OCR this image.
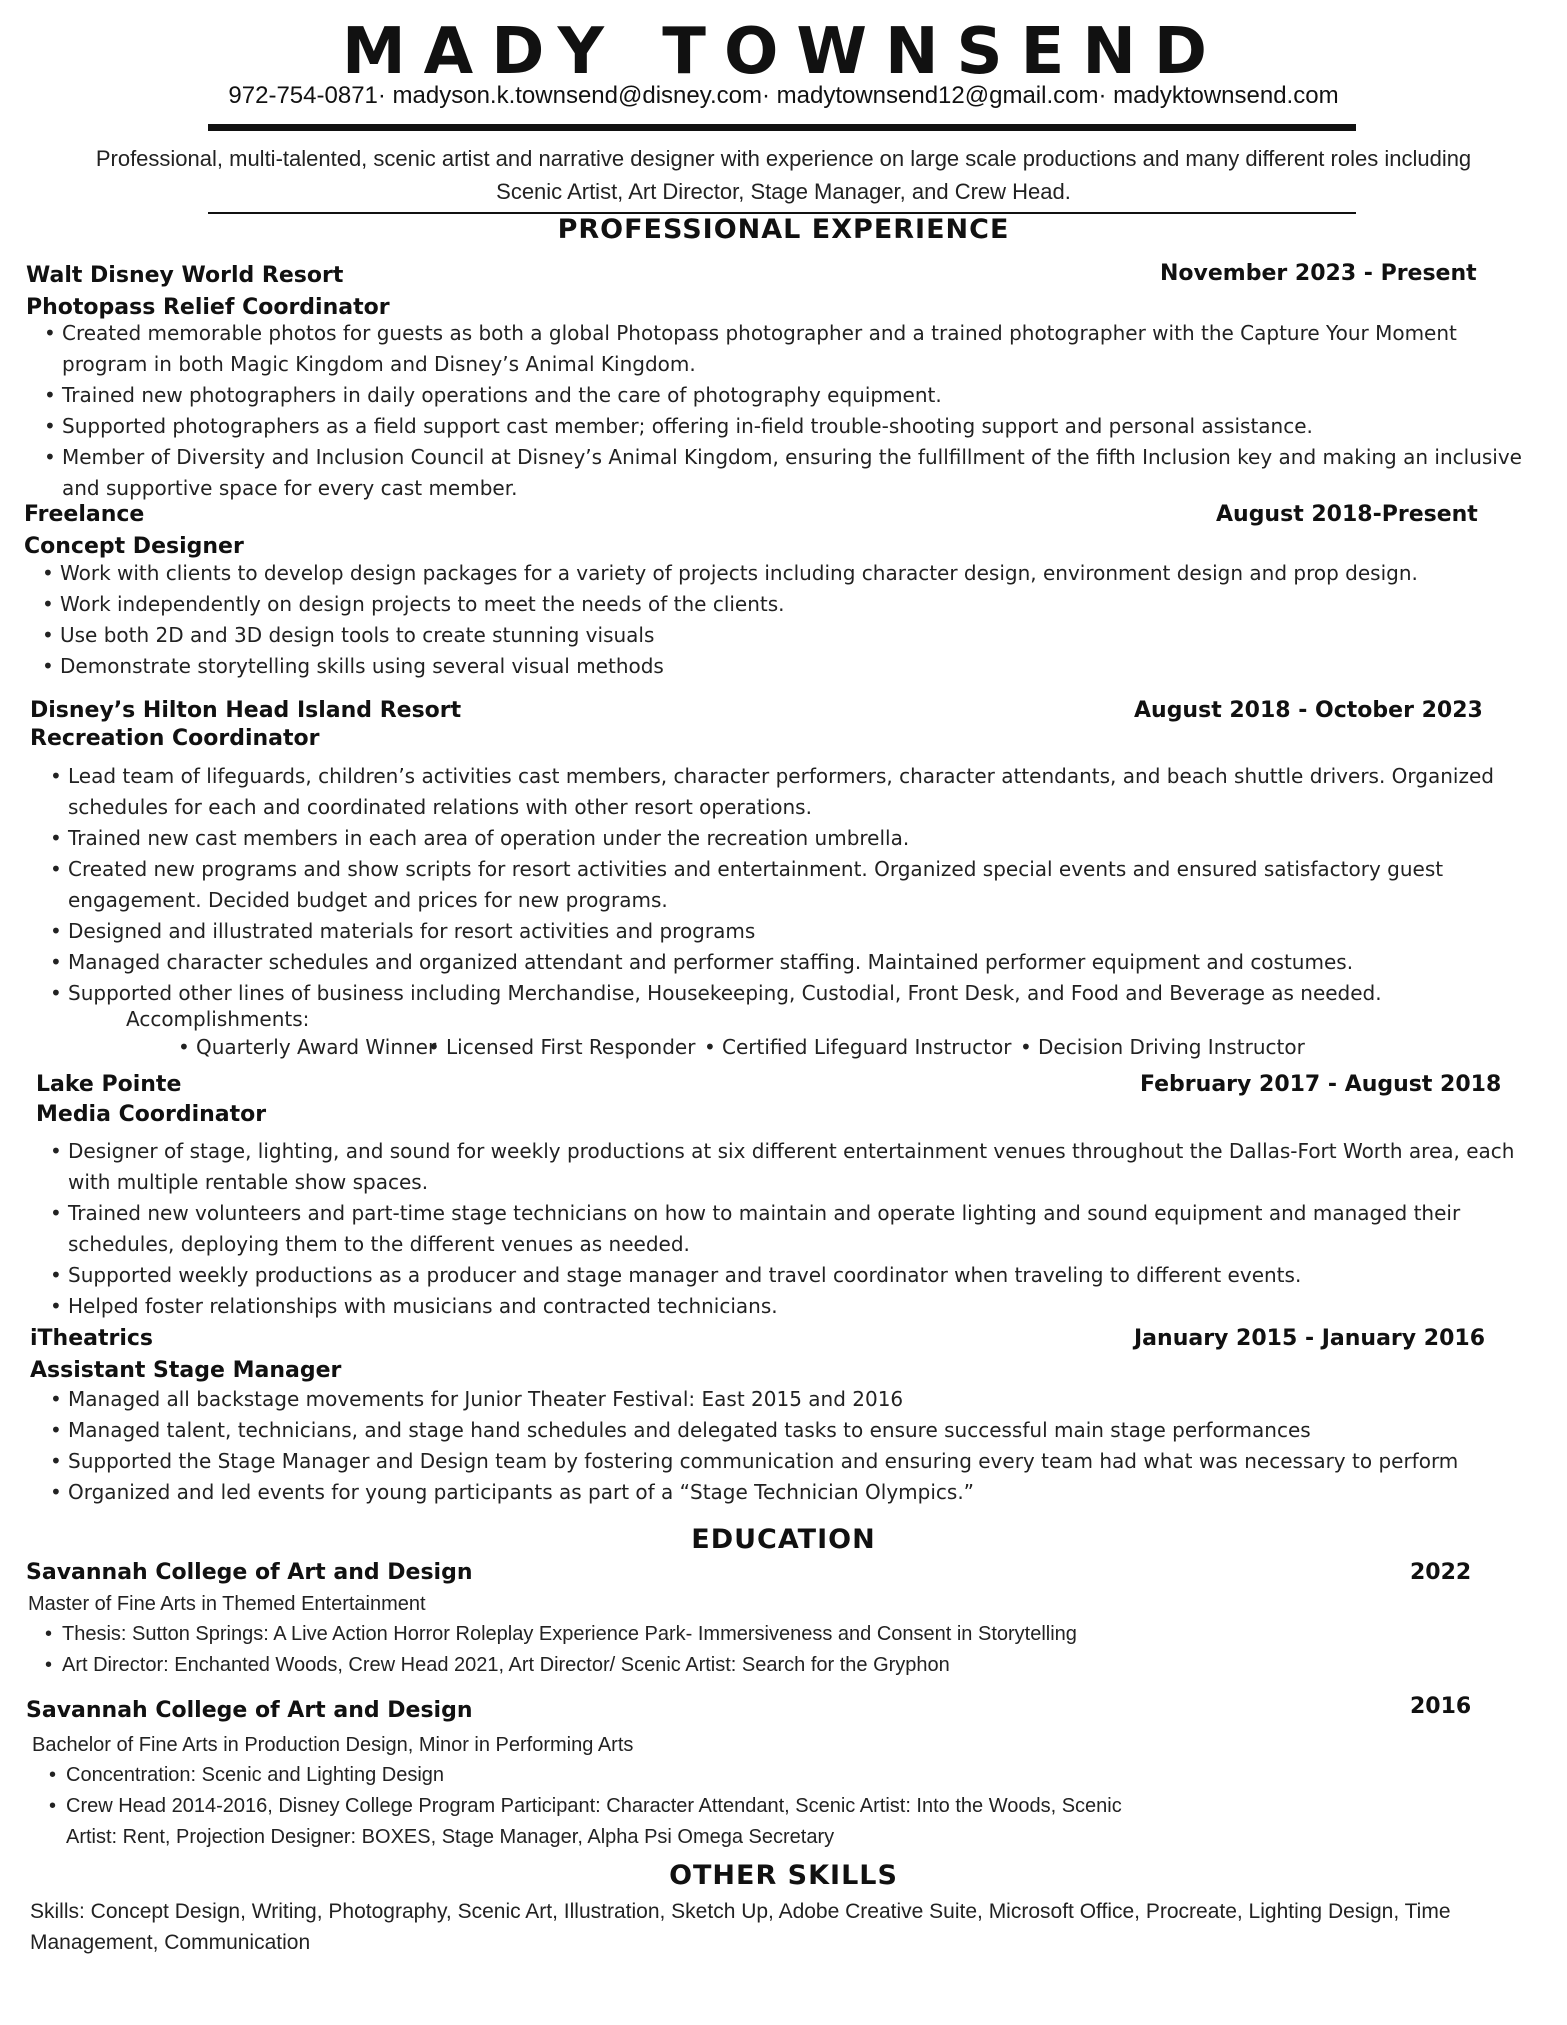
MADY TOWNSEND
972-754-0871· madyson.k.townsend@disney.com· madytownsend12@gmail.com· madyktownsend.com
Professional, multi-talented, scenic artist and narrative designer with experience on large scale productions and many different roles including Scenic Artist, Art Director, Stage Manager, and Crew Head.
PROFESSIONAL EXPERIENCE
Walt Disney World Resort	November 2023 - Present
Photopass Relief Coordinator
• Created memorable photos for guests as both a global Photopass photographer and a trained photographer with the Capture Your Moment program in both Magic Kingdom and Disney’s Animal Kingdom.
• Trained new photographers in daily operations and the care of photography equipment.
• Supported photographers as a field support cast member; offering in-field trouble-shooting support and personal assistance.
• Member of Diversity and Inclusion Council at Disney’s Animal Kingdom, ensuring the fullfillment of the fifth Inclusion key and making an inclusive and supportive space for every cast member.
Freelance	August 2018-Present
Concept Designer
• Work with clients to develop design packages for a variety of projects including character design, environment design and prop design.
• Work independently on design projects to meet the needs of the clients.
• Use both 2D and 3D design tools to create stunning visuals
• Demonstrate storytelling skills using several visual methods
Disney’s Hilton Head Island Resort	August 2018 - October 2023
Recreation Coordinator
• Lead team of lifeguards, children’s activities cast members, character performers, character attendants, and beach shuttle drivers. Organized schedules for each and coordinated relations with other resort operations.
• Trained new cast members in each area of operation under the recreation umbrella.
• Created new programs and show scripts for resort activities and entertainment. Organized special events and ensured satisfactory guest engagement. Decided budget and prices for new programs.
• Designed and illustrated materials for resort activities and programs
• Managed character schedules and organized attendant and performer staffing. Maintained performer equipment and costumes.
• Supported other lines of business including Merchandise, Housekeeping, Custodial, Front Desk, and Food and Beverage as needed.
Accomplishments:
• Quarterly Award Winner • Licensed First Responder	• Certified Lifeguard Instructor	• Decision Driving Instructor
Lake Pointe	February 2017 - August 2018
Media Coordinator
• Designer of stage, lighting, and sound for weekly productions at six different entertainment venues throughout the Dallas-Fort Worth area, each with multiple rentable show spaces.
• Trained new volunteers and part-time stage technicians on how to maintain and operate lighting and sound equipment and managed their schedules, deploying them to the different venues as needed.
• Supported weekly productions as a producer and stage manager and travel coordinator when traveling to different events.
• Helped foster relationships with musicians and contracted technicians.
iTheatrics	January 2015 - January 2016
Assistant Stage Manager
• Managed all backstage movements for Junior Theater Festival: East 2015 and 2016
• Managed talent, technicians, and stage hand schedules and delegated tasks to ensure successful main stage performances
• Supported the Stage Manager and Design team by fostering communication and ensuring every team had what was necessary to perform
• Organized and led events for young participants as part of a “Stage Technician Olympics.”
EDUCATION
Savannah College of Art and Design	2022
Master of Fine Arts in Themed Entertainment
• Thesis: Sutton Springs: A Live Action Horror Roleplay Experience Park- Immersiveness and Consent in Storytelling
• Art Director: Enchanted Woods, Crew Head 2021, Art Director/ Scenic Artist: Search for the Gryphon
Savannah College of Art and Design	2016
Bachelor of Fine Arts in Production Design, Minor in Performing Arts
• Concentration: Scenic and Lighting Design
• Crew Head 2014-2016, Disney College Program Participant: Character Attendant, Scenic Artist: Into the Woods, Scenic Artist: Rent, Projection Designer: BOXES, Stage Manager, Alpha Psi Omega Secretary
OTHER SKILLS
Skills: Concept Design, Writing, Photography, Scenic Art, Illustration, Sketch Up, Adobe Creative Suite, Microsoft Office, Procreate, Lighting Design, Time Management, Communication
